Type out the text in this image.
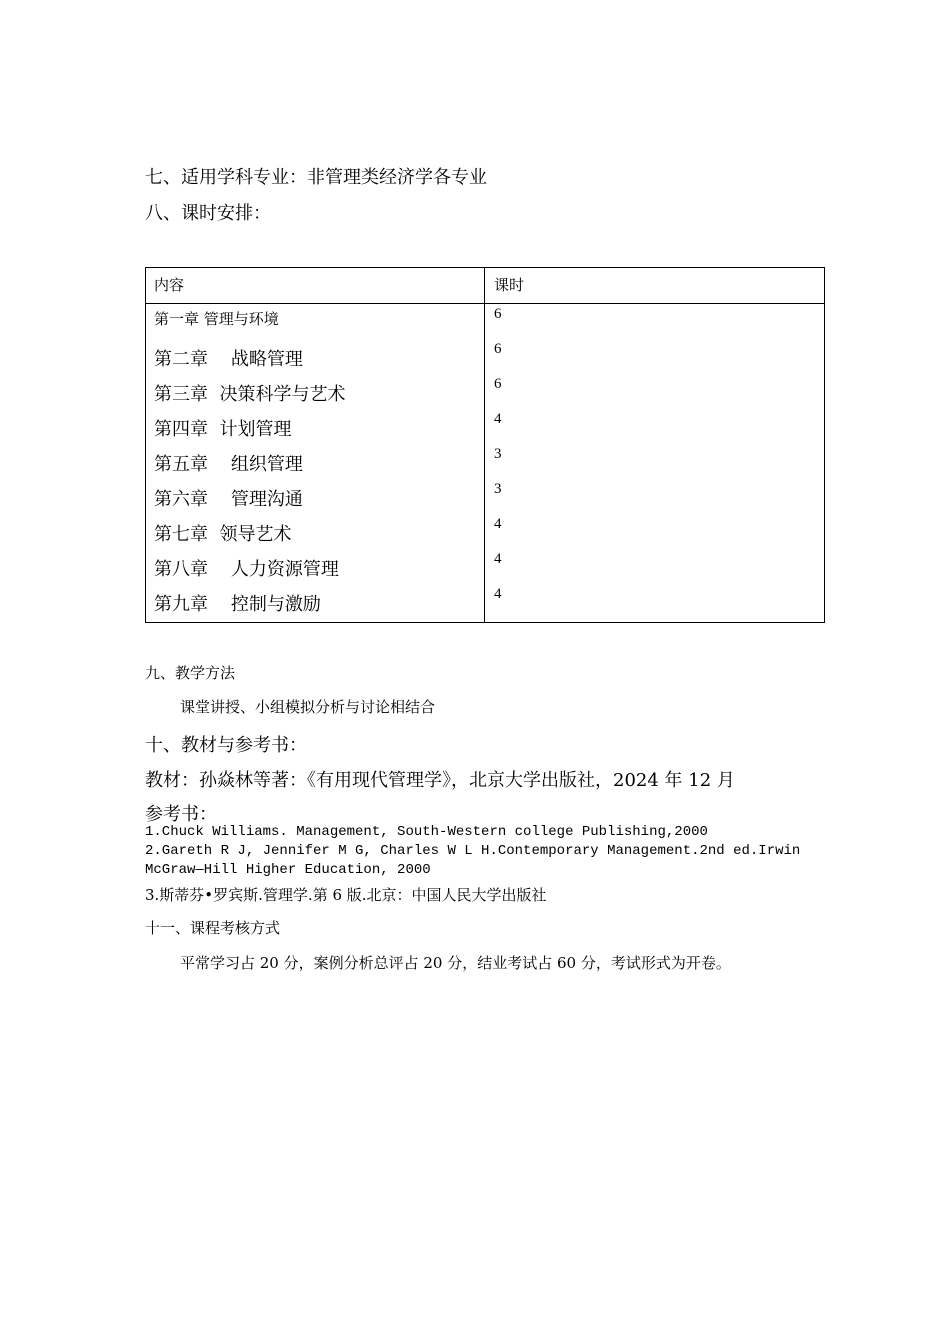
七、适用学科专业：非管理类经济学各专业
八、课时安排：
内容	课时
第一章 管理与环境	6
第二章    战略管理	6
第三章  决策科学与艺术	6
第四章  计划管理	4
第五章    组织管理	3
第六章    管理沟通	3
第七章  领导艺术	4
第八章    人力资源管理	4
第九章    控制与激励	4
九、教学方法
课堂讲授、小组模拟分析与讨论相结合
十、教材与参考书：
教材：孙焱林等著：《有用现代管理学》，北京大学出版社，2024 年 12 月
参考书：
1.Chuck Williams. Management, South-Western college Publishing,2000
2.Gareth R J, Jennifer M G, Charles W L H.Contemporary Management.2nd ed.Irwin
McGraw—Hill Higher Education, 2000
3.斯蒂芬•罗宾斯.管理学.第 6 版.北京：中国人民大学出版社
十一、课程考核方式
平常学习占 20 分，案例分析总评占 20 分，结业考试占 60 分，考试形式为开卷。
